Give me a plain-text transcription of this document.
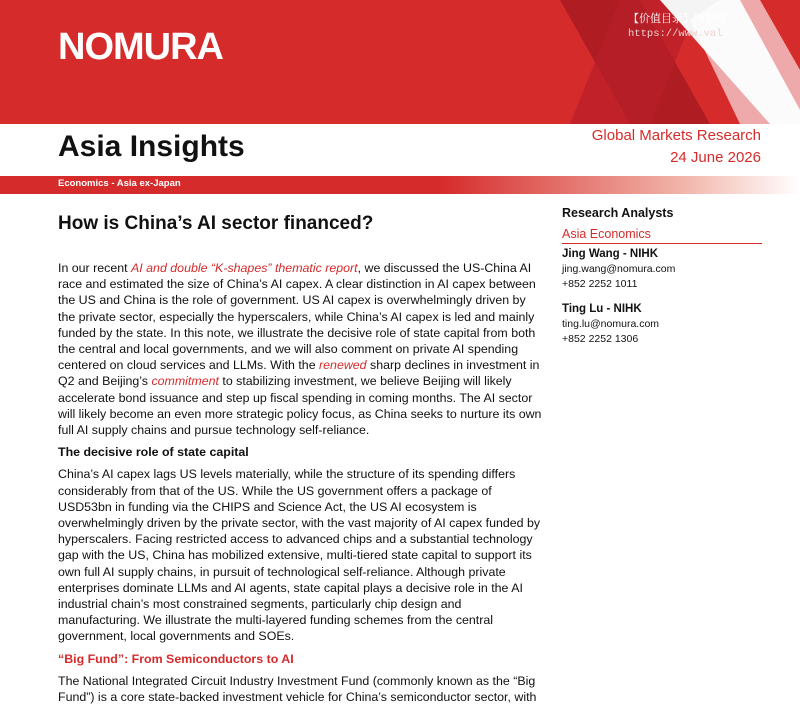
NOMURA
【价值目录】网整理
https://www.val
Asia Insights	Global Markets Research
24 June 2026
Economics - Asia ex-Japan
How is China’s AI sector financed?

In our recent AI and double “K-shapes” thematic report, we discussed the US-China AI race and estimated the size of China’s AI capex. A clear distinction in AI capex between the US and China is the role of government. US AI capex is overwhelmingly driven by the private sector, especially the hyperscalers, while China’s AI capex is led and mainly funded by the state. In this note, we illustrate the decisive role of state capital from both the central and local governments, and we will also comment on private AI spending centered on cloud services and LLMs. With the renewed sharp declines in investment in Q2 and Beijing’s commitment to stabilizing investment, we believe Beijing will likely accelerate bond issuance and step up fiscal spending in coming months. The AI sector will likely become an even more strategic policy focus, as China seeks to nurture its own full AI supply chains and pursue technology self-reliance.

The decisive role of state capital

China’s AI capex lags US levels materially, while the structure of its spending differs considerably from that of the US. While the US government offers a package of USD53bn in funding via the CHIPS and Science Act, the US AI ecosystem is overwhelmingly driven by the private sector, with the vast majority of AI capex funded by hyperscalers. Facing restricted access to advanced chips and a substantial technology gap with the US, China has mobilized extensive, multi-tiered state capital to support its own full AI supply chains, in pursuit of technological self-reliance. Although private enterprises dominate LLMs and AI agents, state capital plays a decisive role in the AI industrial chain’s most constrained segments, particularly chip design and manufacturing. We illustrate the multi-layered funding schemes from the central government, local governments and SOEs.

“Big Fund”: From Semiconductors to AI

The National Integrated Circuit Industry Investment Fund (commonly known as the “Big Fund”) is a core state-backed investment vehicle for China’s semiconductor sector, with

Research Analysts
Asia Economics
Jing Wang - NIHK
jing.wang@nomura.com
+852 2252 1011
Ting Lu - NIHK
ting.lu@nomura.com
+852 2252 1306
